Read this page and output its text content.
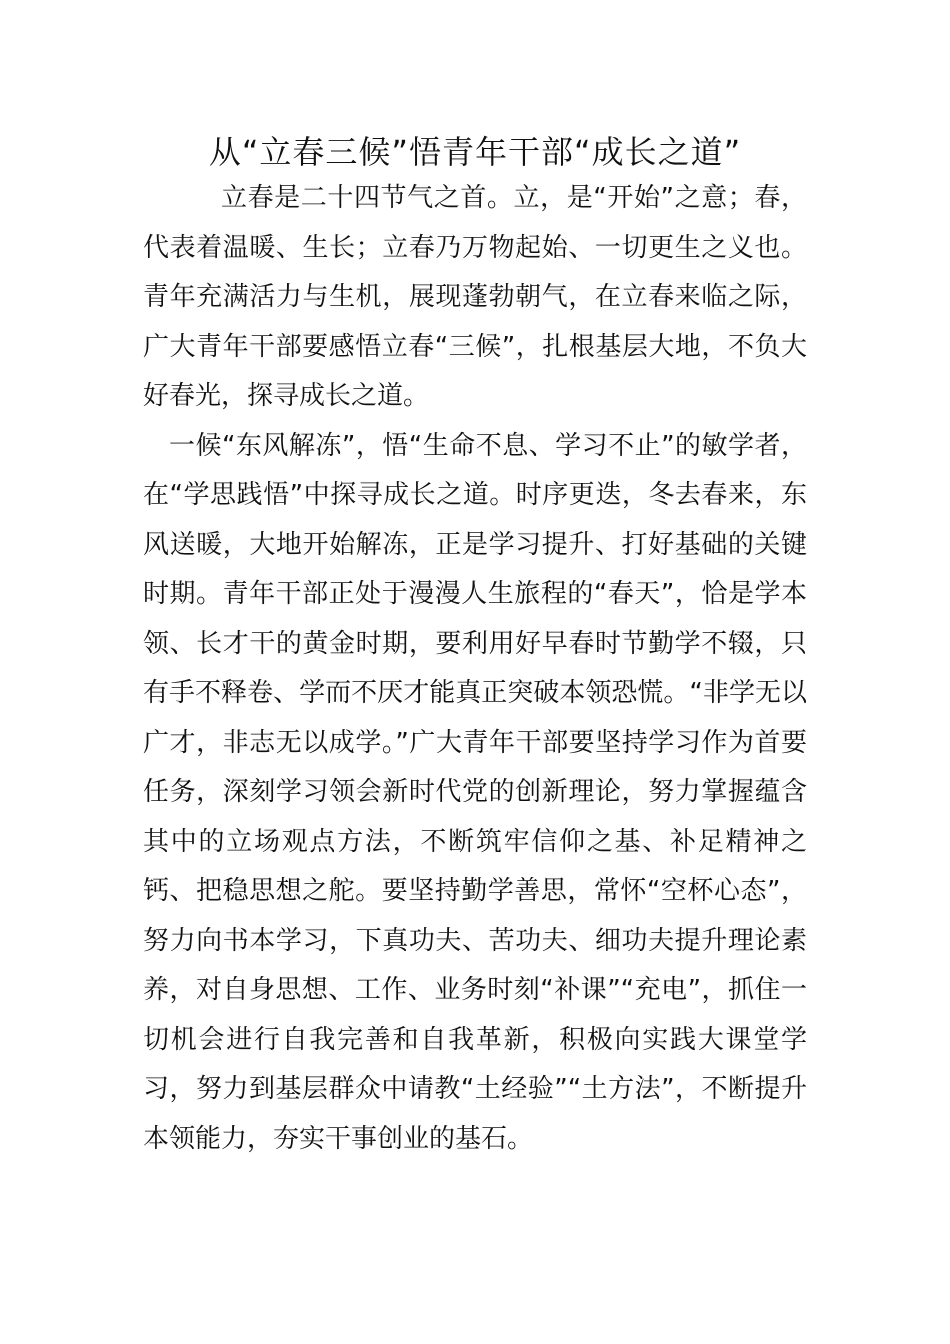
从“立春三候”悟青年干部“成长之道”

立春是二十四节气之首。立，是“开始”之意；春，代表着温暖、生长；立春乃万物起始、一切更生之义也。青年充满活力与生机，展现蓬勃朝气，在立春来临之际，广大青年干部要感悟立春“三候”，扎根基层大地，不负大好春光，探寻成长之道。

一候“东风解冻”，悟“生命不息、学习不止”的敏学者，在“学思践悟”中探寻成长之道。时序更迭，冬去春来，东风送暖，大地开始解冻，正是学习提升、打好基础的关键时期。青年干部正处于漫漫人生旅程的“春天”，恰是学本领、长才干的黄金时期，要利用好早春时节勤学不辍，只有手不释卷、学而不厌才能真正突破本领恐慌。“非学无以广才，非志无以成学。”广大青年干部要坚持学习作为首要任务，深刻学习领会新时代党的创新理论，努力掌握蕴含其中的立场观点方法，不断筑牢信仰之基、补足精神之钙、把稳思想之舵。要坚持勤学善思，常怀“空杯心态”，努力向书本学习，下真功夫、苦功夫、细功夫提升理论素养，对自身思想、工作、业务时刻“补课”“充电”，抓住一切机会进行自我完善和自我革新，积极向实践大课堂学习，努力到基层群众中请教“土经验”“土方法”，不断提升本领能力，夯实干事创业的基石。
